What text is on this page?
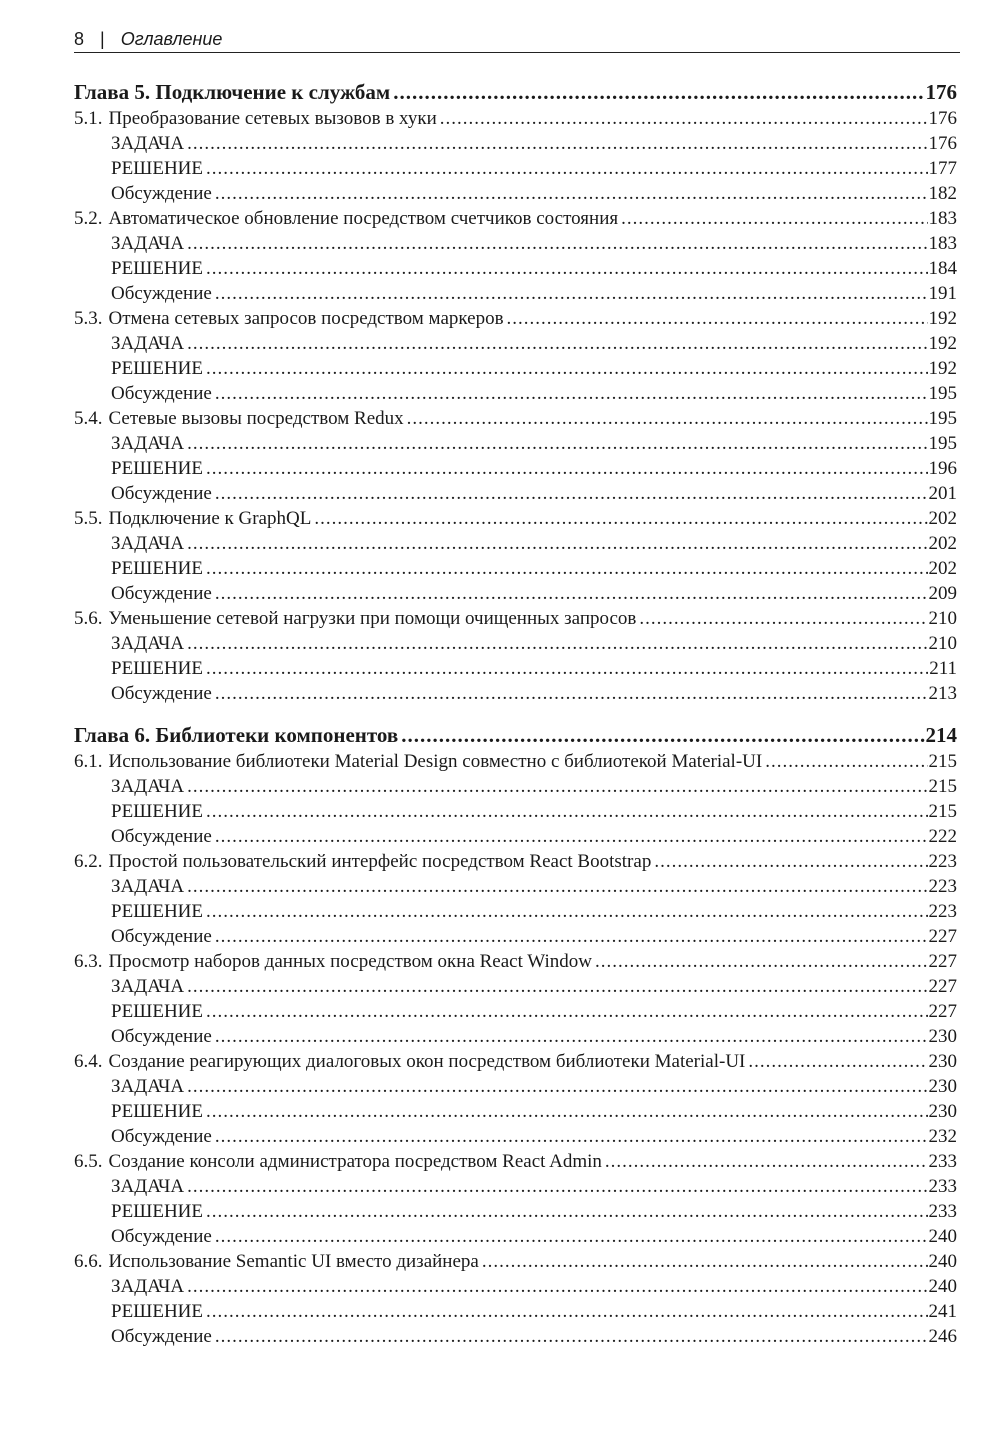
8 | Оглавление
Глава 5. Подключение к службам .....	176
5.1. Преобразование сетевых вызовов в хуки .....	176
ЗАДАЧА .....	176
РЕШЕНИЕ .....	177
Обсуждение .....	182
5.2. Автоматическое обновление посредством счетчиков состояния .....	183
ЗАДАЧА .....	183
РЕШЕНИЕ .....	184
Обсуждение .....	191
5.3. Отмена сетевых запросов посредством маркеров .....	192
ЗАДАЧА .....	192
РЕШЕНИЕ .....	192
Обсуждение .....	195
5.4. Сетевые вызовы посредством Redux .....	195
ЗАДАЧА .....	195
РЕШЕНИЕ .....	196
Обсуждение .....	201
5.5. Подключение к GraphQL .....	202
ЗАДАЧА .....	202
РЕШЕНИЕ .....	202
Обсуждение .....	209
5.6. Уменьшение сетевой нагрузки при помощи очищенных запросов .....	210
ЗАДАЧА .....	210
РЕШЕНИЕ .....	211
Обсуждение .....	213
Глава 6. Библиотеки компонентов .....	214
6.1. Использование библиотеки Material Design совместно с библиотекой Material-UI .....	215
ЗАДАЧА .....	215
РЕШЕНИЕ .....	215
Обсуждение .....	222
6.2. Простой пользовательский интерфейс посредством React Bootstrap .....	223
ЗАДАЧА .....	223
РЕШЕНИЕ .....	223
Обсуждение .....	227
6.3. Просмотр наборов данных посредством окна React Window .....	227
ЗАДАЧА .....	227
РЕШЕНИЕ .....	227
Обсуждение .....	230
6.4. Создание реагирующих диалоговых окон посредством библиотеки Material-UI .....	230
ЗАДАЧА .....	230
РЕШЕНИЕ .....	230
Обсуждение .....	232
6.5. Создание консоли администратора посредством React Admin .....	233
ЗАДАЧА .....	233
РЕШЕНИЕ .....	233
Обсуждение .....	240
6.6. Использование Semantic UI вместо дизайнера .....	240
ЗАДАЧА .....	240
РЕШЕНИЕ .....	241
Обсуждение .....	246
